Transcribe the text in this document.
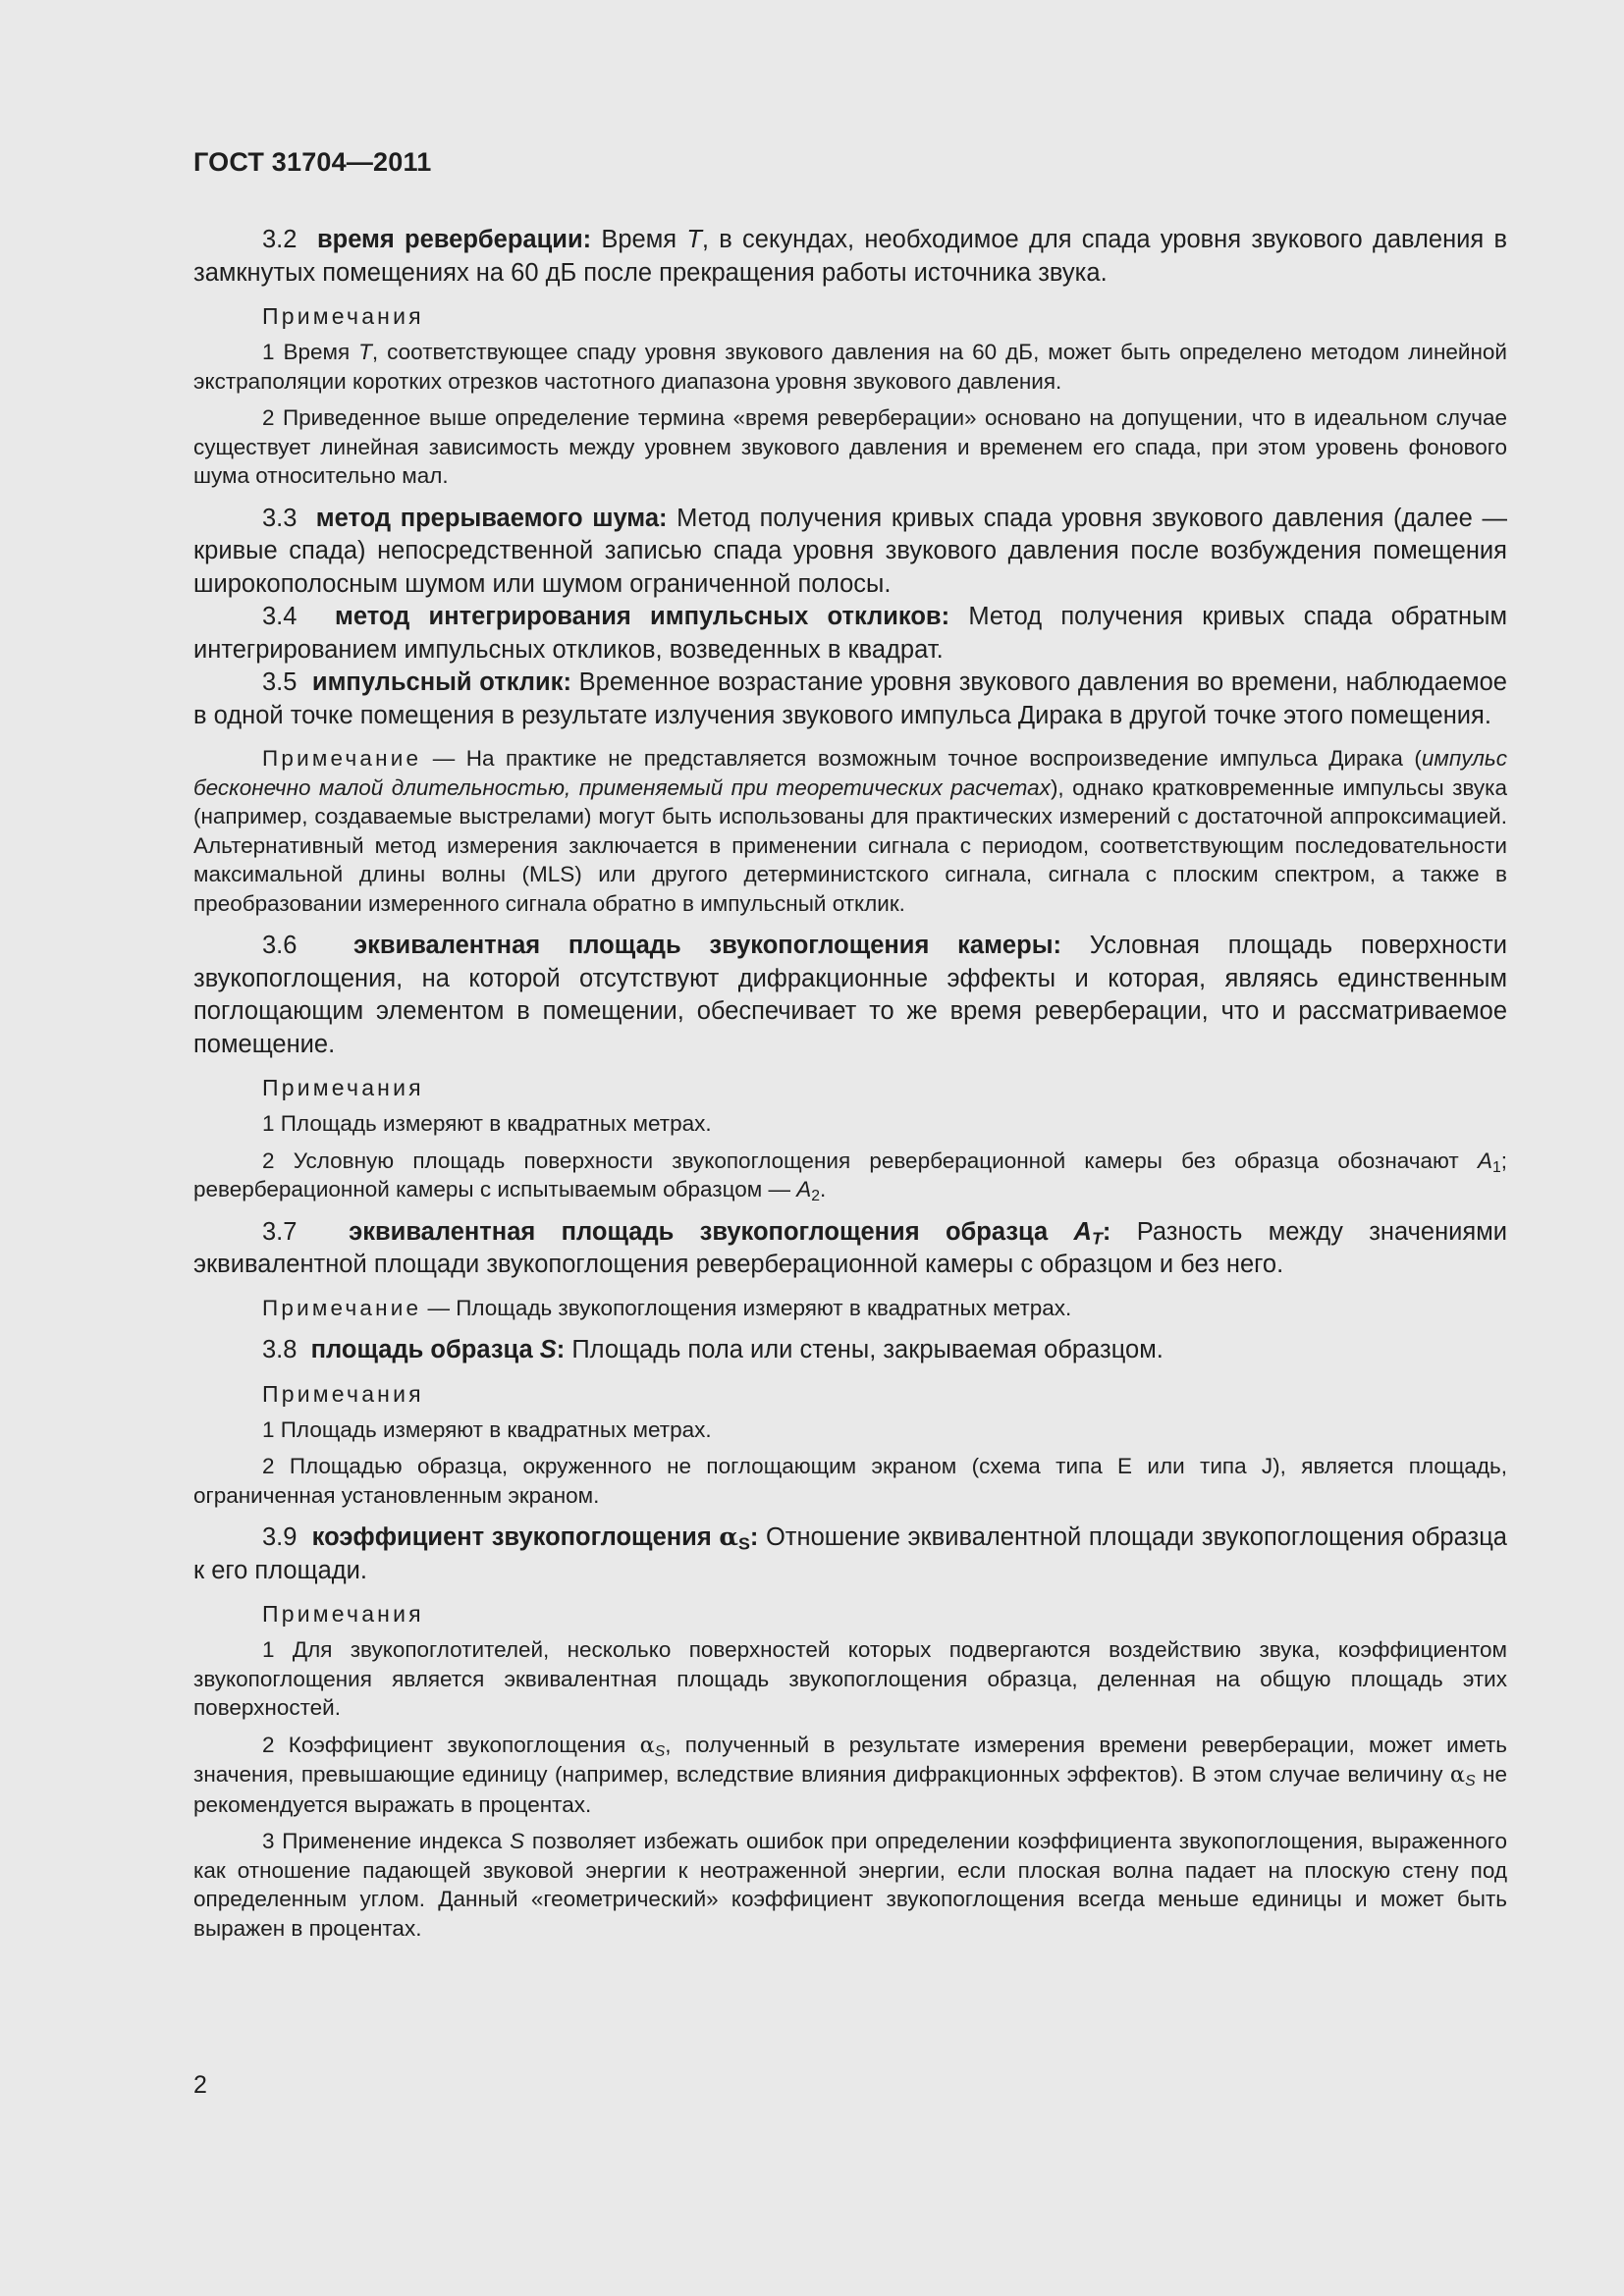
ГОСТ 31704—2011

3.2 время реверберации: Время T, в секундах, необходимое для спада уровня звукового давления в замкнутых помещениях на 60 дБ после прекращения работы источника звука.

Примечания

1 Время T, соответствующее спаду уровня звукового давления на 60 дБ, может быть определено методом линейной экстраполяции коротких отрезков частотного диапазона уровня звукового давления.

2 Приведенное выше определение термина «время реверберации» основано на допущении, что в идеальном случае существует линейная зависимость между уровнем звукового давления и временем его спада, при этом уровень фонового шума относительно мал.

3.3 метод прерываемого шума: Метод получения кривых спада уровня звукового давления (далее — кривые спада) непосредственной записью спада уровня звукового давления после возбуждения помещения широкополосным шумом или шумом ограниченной полосы.

3.4 метод интегрирования импульсных откликов: Метод получения кривых спада обратным интегрированием импульсных откликов, возведенных в квадрат.

3.5 импульсный отклик: Временное возрастание уровня звукового давления во времени, наблюдаемое в одной точке помещения в результате излучения звукового импульса Дирака в другой точке этого помещения.

Примечание — На практике не представляется возможным точное воспроизведение импульса Дирака (импульс бесконечно малой длительностью, применяемый при теоретических расчетах), однако кратковременные импульсы звука (например, создаваемые выстрелами) могут быть использованы для практических измерений с достаточной аппроксимацией. Альтернативный метод измерения заключается в применении сигнала с периодом, соответствующим последовательности максимальной длины волны (MLS) или другого детерминистского сигнала, сигнала с плоским спектром, а также в преобразовании измеренного сигнала обратно в импульсный отклик.

3.6 эквивалентная площадь звукопоглощения камеры: Условная площадь поверхности звукопоглощения, на которой отсутствуют дифракционные эффекты и которая, являясь единственным поглощающим элементом в помещении, обеспечивает то же время реверберации, что и рассматриваемое помещение.

Примечания

1 Площадь измеряют в квадратных метрах.

2 Условную площадь поверхности звукопоглощения реверберационной камеры без образца обозначают $A_1$; реверберационной камеры с испытываемым образцом — $A_2$.

3.7 эквивалентная площадь звукопоглощения образца $A_T$: Разность между значениями эквивалентной площади звукопоглощения реверберационной камеры с образцом и без него.

Примечание — Площадь звукопоглощения измеряют в квадратных метрах.

3.8 площадь образца S: Площадь пола или стены, закрываемая образцом.

Примечания

1 Площадь измеряют в квадратных метрах.

2 Площадью образца, окруженного не поглощающим экраном (схема типа E или типа J), является площадь, ограниченная установленным экраном.

3.9 коэффициент звукопоглощения $\alpha_S$: Отношение эквивалентной площади звукопоглощения образца к его площади.

Примечания

1 Для звукопоглотителей, несколько поверхностей которых подвергаются воздействию звука, коэффициентом звукопоглощения является эквивалентная площадь звукопоглощения образца, деленная на общую площадь этих поверхностей.

2 Коэффициент звукопоглощения $\alpha_S$, полученный в результате измерения времени реверберации, может иметь значения, превышающие единицу (например, вследствие влияния дифракционных эффектов). В этом случае величину $\alpha_S$ не рекомендуется выражать в процентах.

3 Применение индекса S позволяет избежать ошибок при определении коэффициента звукопоглощения, выраженного как отношение падающей звуковой энергии к неотраженной энергии, если плоская волна падает на плоскую стену под определенным углом. Данный «геометрический» коэффициент звукопоглощения всегда меньше единицы и может быть выражен в процентах.

2
